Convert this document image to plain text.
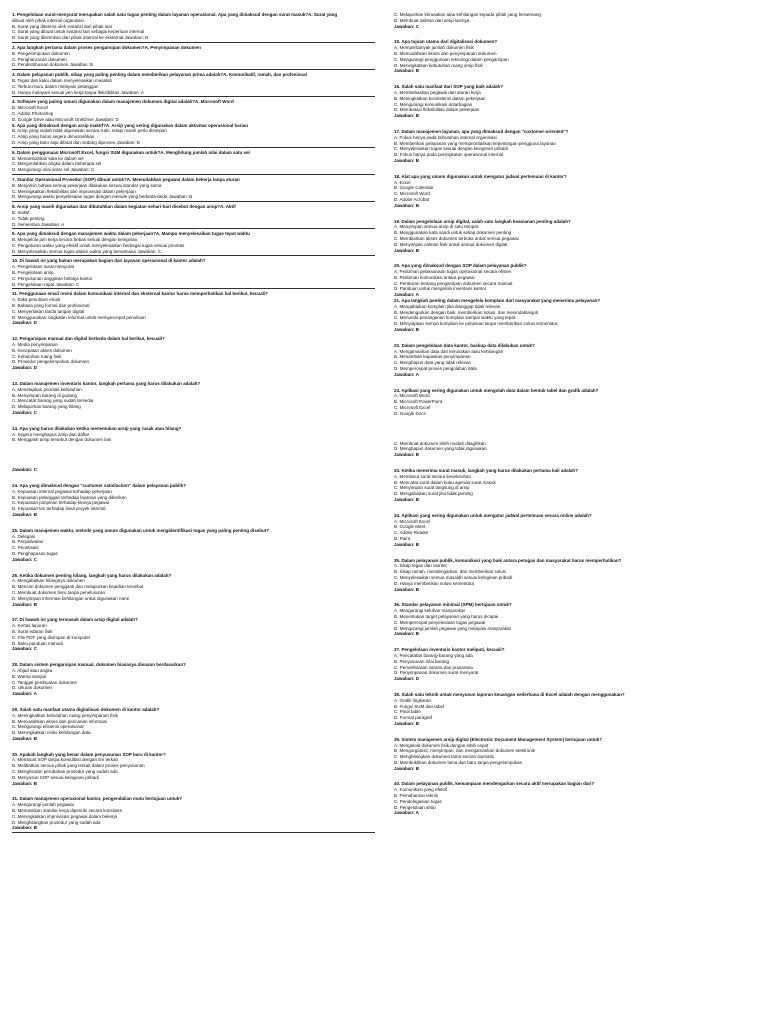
1. Pengelolaan surat-menyurat merupakan salah satu tugas penting dalam layanan operasional. Apa yang dimaksud dengan surat masuk?A. Surat yang

dibuat oleh pihak internal organisasi

B. Surat yang diterima oleh instansi dari pihak luar

C. Surat yang dibuat untuk instansi lain sebagai keperluan internal

D. Surat yang dikirimkan dari pihak internal ke eksternal Jawaban: B

2. Apa langkah pertama dalam proses pengarsipan dokumen?A. Penyimpanan dokumen

B. Pengelompokan dokumen

C. Penghancuran dokumen

D. Pendistribusian dokumen Jawaban: B

3. Dalam pelayanan publik, sikap yang paling penting dalam memberikan pelayanan prima adalah?A. Komunikatif, ramah, dan profesional

B. Tegas dan kaku dalam menyelesaikan masalah

C. Terburu-buru dalam melayani pelanggan

D. Hanya melayani sesuai jam kerja tanpa fleksibilitas Jawaban: A

4. Software yang paling umum digunakan dalam manajemen dokumen digital adalah?A. Microsoft Word

B. Microsoft Excel

C. Adobe Photoshop

D. Google Drive atau Microsoft OneDrive Jawaban: D

5. Apa yang dimaksud dengan arsip inaktif?A. Arsip yang sering digunakan dalam aktivitas operasional harian

B. Arsip yang sudah tidak digunakan secara rutin, tetapi masih perlu disimpan

C. Arsip yang harus segera dimusnahkan

D. Arsip yang baru saja dibuat dan sedang diproses Jawaban: B

6. Dalam penggunaan Microsoft Excel, fungsi SUM digunakan untuk?A. Menghitung jumlah nilai dalam satu sel

B. Menambahkan kata ke dalam sel

C. Menjumlahkan angka dalam beberapa sel

D. Mengurangi nilai antar sel Jawaban: C

7. Standar Operasional Prosedur (SOP) dibuat untuk?A. Memudahkan pegawai dalam bekerja tanpa aturan

B. Menjamin bahwa semua pekerjaan dilakukan sesuai standar yang sama

C. Meningkatkan fleksibilitas dan improvisasi dalam pekerjaan

D. Mengurangi waktu penyelesaian tugas dengan metode yang berbeda-beda Jawaban: B

8. Arsip yang masih digunakan dan dibutuhkan dalam kegiatan sehari-hari disebut dengan arsip?A. Aktif

B. Inaktif

C. Tidak penting

D. Sementara Jawaban: A

9. Apa yang dimaksud dengan manajemen waktu dalam pekerjaan?A. Mampu menyelesaikan tugas tepat waktu

B. Mengelola jam kerja secara bebas sesuai dengan keinginan

C. Pengaturan waktu yang efektif untuk menyelesaikan berbagai tugas sesuai prioritas

D. Menyelesaikan semua tugas dalam waktu yang bersamaan Jawaban: C

10. Di bawah ini yang bukan merupakan bagian dari layanan operasional di kantor adalah?

A. Pengelolaan surat-menyurat

B. Pengelolaan arsip

C. Penyusunan anggaran belanja kantor

D. Pengelolaan rapat Jawaban: C

11. Penggunaan email resmi dalam komunikasi internal dan eksternal kantor harus memperhatikan hal berikut, kecuali?

A. Etika penulisan email

B. Bahasa yang formal dan profesional

C. Menyertakan tanda tangan digital

D. Menggunakan singkatan informal untuk mempercepat penulisan

Jawaban: D

12. Pengarsipan manual dan digital berbeda dalam hal berikut, kecuali?

A. Media penyimpanan

B. Kecepatan akses dokumen

C. Kebutuhan ruang fisik

D. Prosedur pengelompokan dokumen

Jawaban: D

13. Dalam manajemen inventaris kantor, langkah pertama yang harus dilakukan adalah?

A. Menetapkan prioritas kebutuhan

B. Menyimpan barang di gudang

C. Mencatat barang yang sudah tersedia

D. Melaporkan barang yang hilang

Jawaban: C

14. Apa yang harus dilakukan ketika menemukan arsip yang rusak atau hilang?

A. Segera menghapus arsip dari daftar

B. Mengganti arsip tersebut dengan dokumen lain

Jawaban: C

24. Apa yang dimaksud dengan "customer satisfaction" dalam pelayanan publik?

A. Kepuasan internal pegawai terhadap pekerjaan

B. Kepuasan pelanggan terhadap layanan yang diberikan

C. Kepuasan pimpinan terhadap kinerja pegawai

D. Kepuasan tim terhadap hasil proyek internal

Jawaban: B

25. Dalam manajemen waktu, metode yang umum digunakan untuk mengidentifikasi tugas yang paling penting disebut?

A. Delegasi

B. Penjadwalan

C. Prioritisasi

D. Penghapusan tugas

Jawaban: C

26. Ketika dokumen penting hilang, langkah yang harus dilakukan adalah?

A. Mengabaikan hilangnya dokumen

B. Mencari dokumen pengganti dan melaporkan kejadian tersebut

C. Membuat dokumen baru tanpa penelusuran

D. Menyimpan informasi kehilangan untuk digunakan nanti

Jawaban: B

27. Di bawah ini yang termasuk dalam arsip digital adalah?

A. Kertas laporan

B. Surat edaran fisik

C. File PDF yang disimpan di komputer

D. Buku panduan manual

Jawaban: C

28. Dalam sistem pengarsipan manual, dokumen biasanya disusun berdasarkan?

A. Abjad atau angka

B. Warna sampul

C. Tanggal pembuatan dokumen

D. Ukuran dokumen

Jawaban: A

29. Salah satu manfaat utama digitalisasi dokumen di kantor adalah?

A. Meningkatkan kebutuhan ruang penyimpanan fisik

B. Memudahkan akses dan pencarian informasi

C. Mengurangi efisiensi operasional

D. Meningkatkan risiko kehilangan data

Jawaban: B

30. Apakah langkah yang benar dalam penyusunan SOP baru di kantor?

A. Membuat SOP tanpa konsultasi dengan tim terkait

B. Melibatkan semua pihak yang terkait dalam proses penyusunan

C. Menghindari perubahan prosedur yang sudah ada

D. Menyusun SOP sesuai keinginan pribadi

Jawaban: B

31. Dalam manajemen operasional kantor, pengendalian mutu bertujuan untuk?

A. Mengurangi jumlah pegawai

B. Memastikan standar kerja dipenuhi secara konsisten

C. Meningkatkan improvisasi pegawai dalam bekerja

D. Menghilangkan prosedur yang sudah ada

Jawaban: B

C. Melaporkan kerusakan atau kehilangan kepada pihak yang berwenang

D. Membuat salinan dari arsip lainnya

Jawaban: C

15. Apa tujuan utama dari digitalisasi dokumen?

A. Memperbanyak jumlah dokumen fisik

B. Memudahkan akses dan penyimpanan dokumen

C. Mengurangi penggunaan teknologi dalam pengarsipan

D. Meningkatkan kebutuhan ruang arsip fisik

Jawaban: B

16. Salah satu manfaat dari SOP yang baik adalah?

A. Membebaskan pegawai dari aturan kerja

B. Meningkatkan konsistensi dalam pekerjaan

C. Mengurangi komunikasi antarbagian

D. Membatasi fleksibilitas dalam pekerjaan

Jawaban: B

17. Dalam manajemen layanan, apa yang dimaksud dengan "customer-oriented"?

A. Fokus hanya pada kebutuhan internal organisasi

B. Memberikan pelayanan yang memprioritaskan kepentingan pengguna layanan

C. Menyelesaikan tugas sesuai dengan keinginan pribadi

D. Fokus hanya pada peningkatan operasional internal

Jawaban: B

18. Alat apa yang umum digunakan untuk mengatur jadwal pertemuan di kantor?

A. Excel

B. Google Calendar

C. Microsoft Word

D. Adobe Acrobat

Jawaban: B

19. Dalam pengelolaan arsip digital, salah satu langkah keamanan penting adalah?

A. Menyimpan semua arsip di satu tempat

B. Menggunakan kata sandi untuk setiap dokumen penting

C. Membiarkan akses dokumen terbuka untuk semua pegawai

D. Menyimpan salinan fisik untuk semua dokumen digital

Jawaban: B

20. Apa yang dimaksud dengan SOP dalam pelayanan publik?

A. Pedoman pelaksanaan tugas operasional secara efisien

B. Pedoman komunikasi antara pegawai

C. Peraturan tentang pengarsipan dokumen secara manual

D. Panduan untuk mengelola inventaris kantor

Jawaban: A

21. Apa langkah penting dalam mengelola komplain dari masyarakat yang menerima pelayanan?

A. Mengabaikan komplain jika dianggap tidak relevan

B. Mendengarkan dengan baik, memberikan solusi, dan menindaklanjuti

C. Menunda penanganan komplain sampai waktu yang tepat

D. Menyiapkan semua komplain ke pimpinan tanpa memberikan solusi sementara

Jawaban: B

22. Dalam pengelolaan data kantor, backup data dilakukan untuk?

A. Mengamankan data dari kerusakan atau kehilangan

B. Menambah kapasitas penyimpanan

C. Menghapus data yang tidak relevan

D. Mempercepat proses pengolahan data

Jawaban: A

23. Aplikasi yang sering digunakan untuk mengolah data dalam bentuk tabel dan grafik adalah?

A. Microsoft Word

B. Microsoft PowerPoint

C. Microsoft Excel

D. Google Docs

C. Membuat dokumen lebih mudah ditagihkan

D. Menghapus dokumen yang tidak digunakan

Jawaban: B

33. Ketika menerima surat masuk, langkah yang harus dilakukan pertama kali adalah?

A. Membaca surat secara keseluruhan

B. Mencatat surat dalam buku agenda surat masuk

C. Menyimpan surat langsung di arsip

D. Mengabaikan surat jika tidak penting

Jawaban: B

34. Aplikasi yang sering digunakan untuk mengatur jadwal pertemuan secara online adalah?

A. Microsoft Excel

B. Google Meet

C. Adobe Reader

D. Paint

Jawaban: B

35. Dalam pelayanan publik, komunikasi yang baik antara petugas dan masyarakat harus memperhatikan?

A. Sikap tegas dan otoriter

B. Sikap ramah, mendengarkan, dan memberikan solusi

C. Menyelesaikan semua masalah sesuai keinginan pribadi

D. Hanya memberikan solusi sementara

Jawaban: B

36. Standar pelayanan minimal (SPM) bertujuan untuk?

A. Mengurangi keluhan masyarakat

B. Menentukan target pelayanan yang harus dicapai

C. Mempercepat penyelesaian tugas pegawai

D. Mengurangi jumlah pegawai yang melayani masyarakat

Jawaban: B

37. Pengelolaan inventaris kantor meliputi, kecuali?

A. Pencatatan barang-barang yang ada

B. Penyusunan nilai barang

C. Pemeliharaan sarana dan prasarana

D. Penyimpanan dokumen surat-menyurat

Jawaban: D

38. Salah satu teknik untuk menyusun laporan keuangan sederhana di Excel adalah dengan menggunakan?

A. Grafik lingkaran

B. Fungsi SUM dan tabel

C. Pivot table

D. Format paragraf

Jawaban: B

39. Sistem manajemen arsip digital (Electronic Document Management System) bertujuan untuk?

A. Mengelola dokumen fisik dengan lebih cepat

B. Mengorganisir, menyimpan, dan mengamankan dokumen elektronik

C. Menghilangkan dokumen lama secara otomatis

D. Membuktikan dokumen lama dan baru tanpa pengelompokan

Jawaban: B

40. Dalam pelayanan publik, kemampuan mendengarkan secara aktif merupakan bagian dari?

A. Komunikasi yang efektif

B. Pemahaman teknis

C. Pendelegasian tugas

D. Pengelolaan arsip

Jawaban: A
